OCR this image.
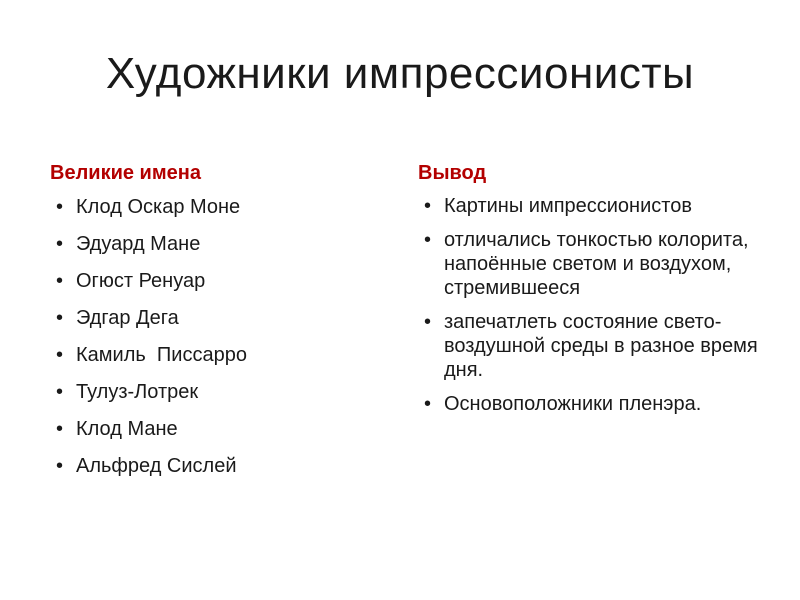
Художники импрессионисты
Великие имена
• Клод Оскар Моне
• Эдуард Мане
• Огюст Ренуар
• Эдгар Дега
• Камиль  Писсарро
• Тулуз-Лотрек
• Клод Мане
• Альфред Сислей
Вывод
• Картины импрессионистов
• отличались тонкостью колорита, напоённые светом и воздухом, стремившееся
• запечатлеть состояние свето-воздушной среды в разное время дня.
• Основоположники пленэра.
